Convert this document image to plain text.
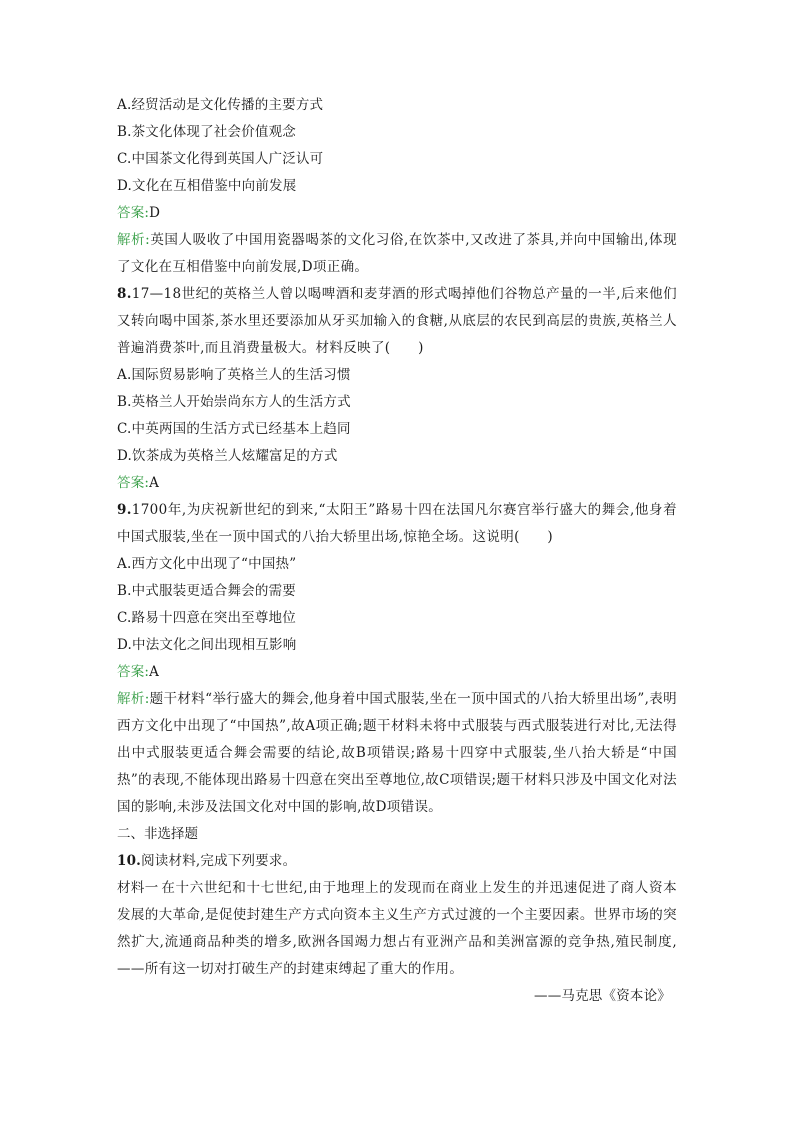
A.经贸活动是文化传播的主要方式
B.茶文化体现了社会价值观念
C.中国茶文化得到英国人广泛认可
D.文化在互相借鉴中向前发展
答案:D
解析:英国人吸收了中国用瓷器喝茶的文化习俗,在饮茶中,又改进了茶具,并向中国输出,体现了文化在互相借鉴中向前发展,D项正确。
8.17—18世纪的英格兰人曾以喝啤酒和麦芽酒的形式喝掉他们谷物总产量的一半,后来他们又转向喝中国茶,茶水里还要添加从牙买加输入的食糖,从底层的农民到高层的贵族,英格兰人普遍消费茶叶,而且消费量极大。材料反映了(　　)
A.国际贸易影响了英格兰人的生活习惯
B.英格兰人开始崇尚东方人的生活方式
C.中英两国的生活方式已经基本上趋同
D.饮茶成为英格兰人炫耀富足的方式
答案:A
9.1700年,为庆祝新世纪的到来,“太阳王”路易十四在法国凡尔赛宫举行盛大的舞会,他身着中国式服装,坐在一顶中国式的八抬大轿里出场,惊艳全场。这说明(　　)
A.西方文化中出现了“中国热”
B.中式服装更适合舞会的需要
C.路易十四意在突出至尊地位
D.中法文化之间出现相互影响
答案:A
解析:题干材料“举行盛大的舞会,他身着中国式服装,坐在一顶中国式的八抬大轿里出场”,表明西方文化中出现了“中国热”,故A项正确;题干材料未将中式服装与西式服装进行对比,无法得出中式服装更适合舞会需要的结论,故B项错误;路易十四穿中式服装,坐八抬大轿是“中国热”的表现,不能体现出路易十四意在突出至尊地位,故C项错误;题干材料只涉及中国文化对法国的影响,未涉及法国文化对中国的影响,故D项错误。
二、非选择题
10.阅读材料,完成下列要求。
材料一 在十六世纪和十七世纪,由于地理上的发现而在商业上发生的并迅速促进了商人资本发展的大革命,是促使封建生产方式向资本主义生产方式过渡的一个主要因素。世界市场的突然扩大,流通商品种类的增多,欧洲各国竭力想占有亚洲产品和美洲富源的竞争热,殖民制度,——所有这一切对打破生产的封建束缚起了重大的作用。
——马克思《资本论》
